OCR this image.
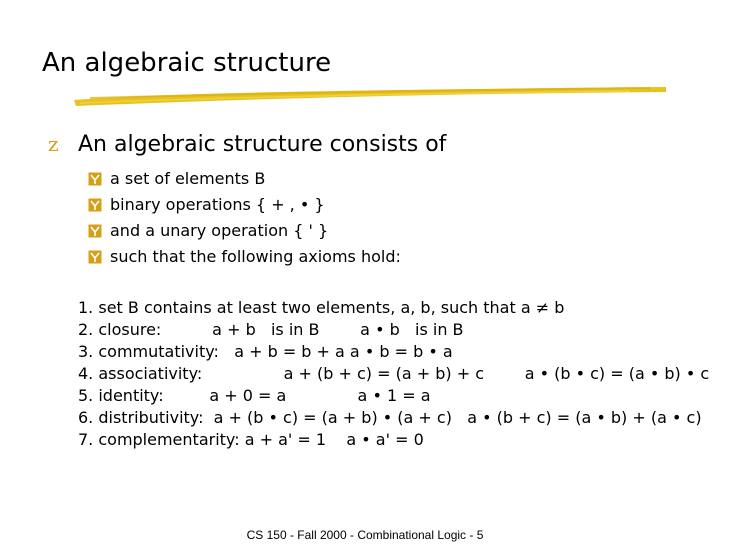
An algebraic structure
z An algebraic structure consists of
a set of elements B
binary operations { + , • }
and a unary operation { ' }
such that the following axioms hold:
1. set B contains at least two elements, a, b, such that a ≠ b
2. closure:          a + b   is in B        a • b   is in B
3. commutativity:   a + b = b + a a • b = b • a
4. associativity:                a + (b + c) = (a + b) + c        a • (b • c) = (a • b) • c
5. identity:         a + 0 = a              a • 1 = a
6. distributivity:  a + (b • c) = (a + b) • (a + c)   a • (b + c) = (a • b) + (a • c)
7. complementarity: a + a' = 1    a • a' = 0
CS 150 - Fall 2000 - Combinational Logic - 5
